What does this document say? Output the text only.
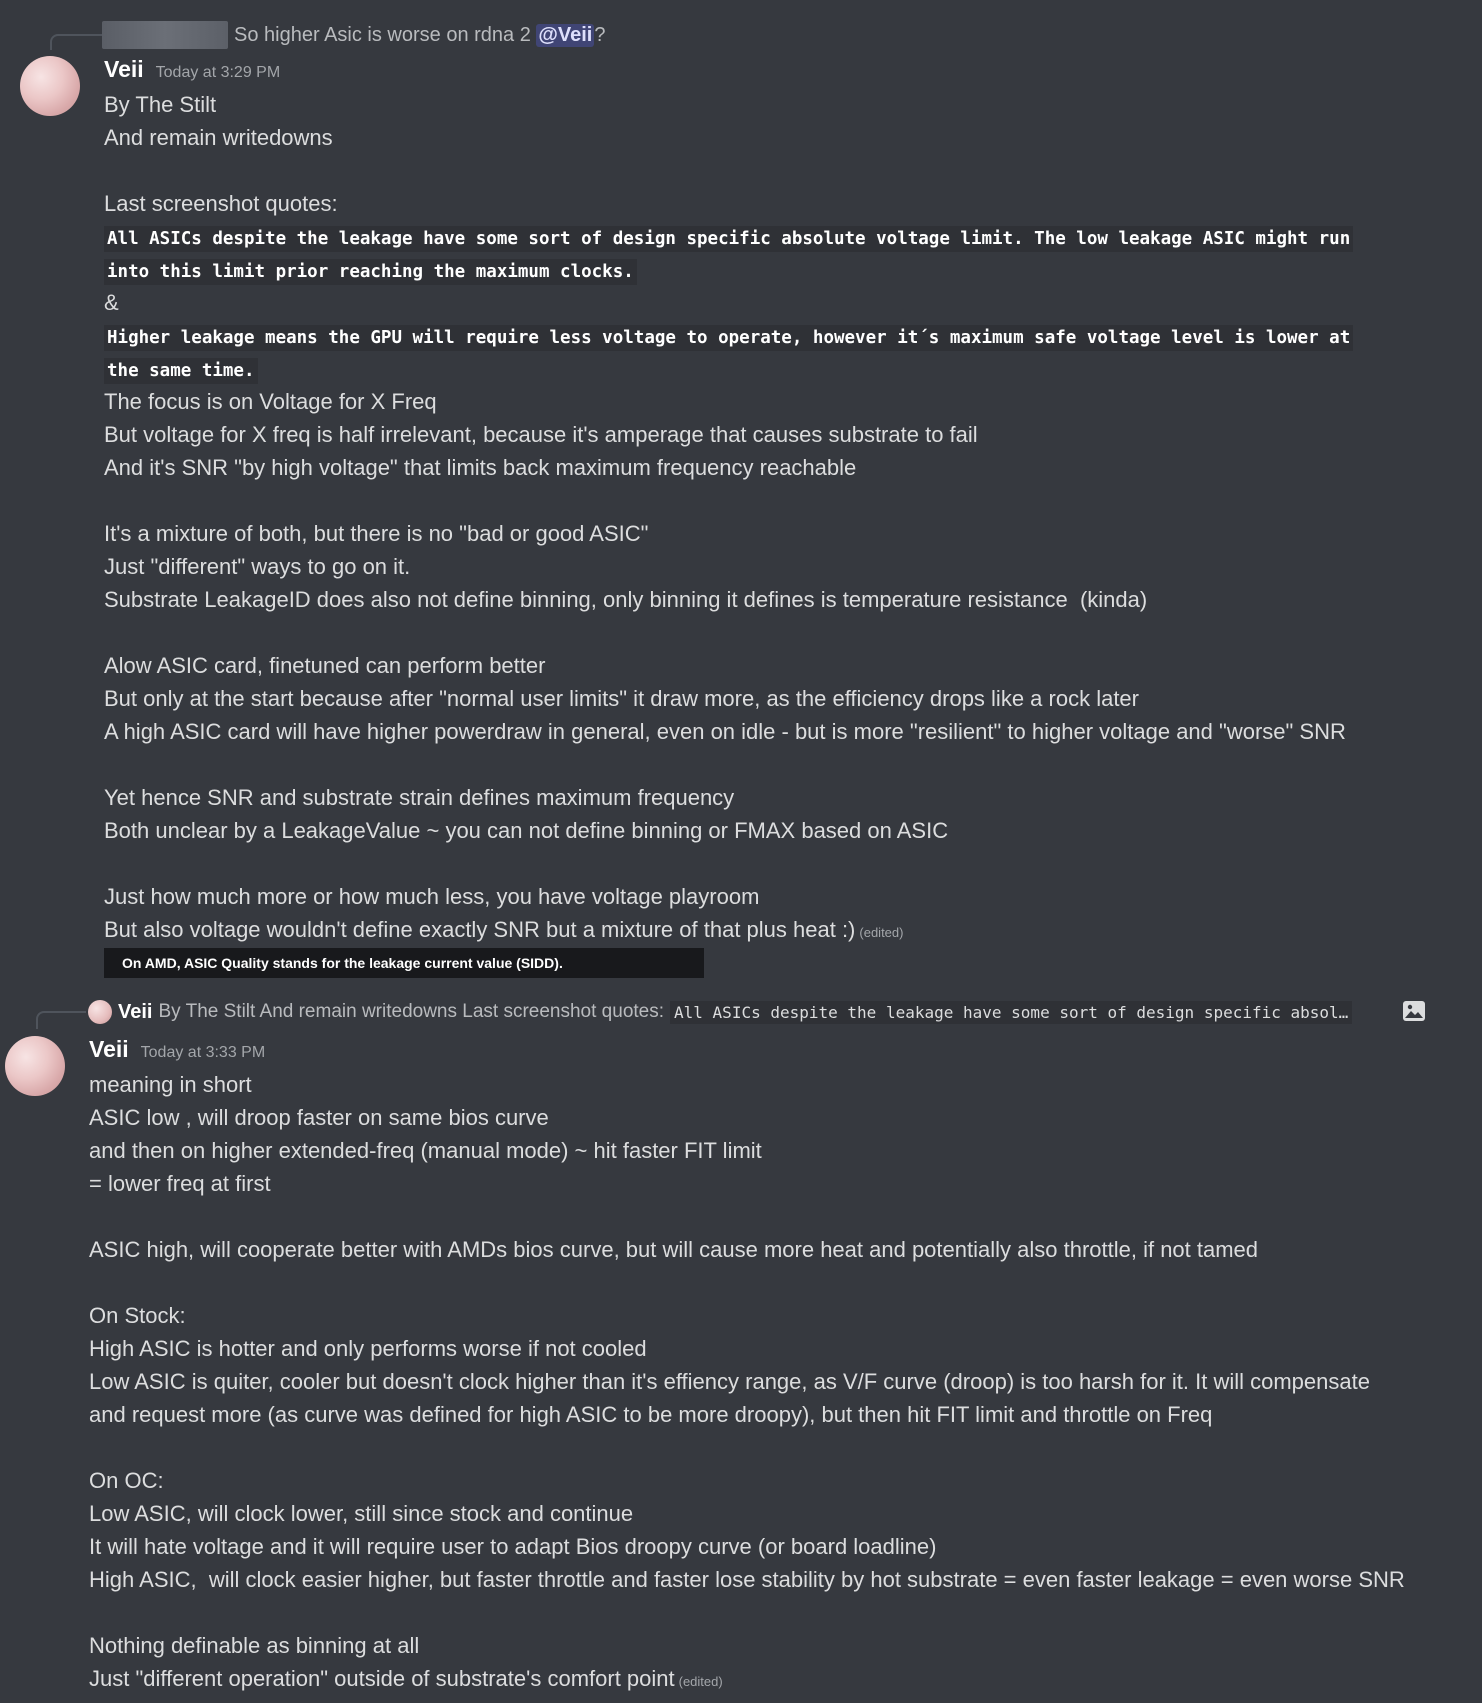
So higher Asic is worse on rdna 2
@Veii ?
Veii Today at 3:29 PM
By The Stilt
And remain writedowns
Last screenshot quotes:
All ASICs despite the leakage have some sort of design specific absolute voltage limit. The low leakage ASIC might run
into this limit prior reaching the maximum clocks.
&
Higher leakage means the GPU will require less voltage to operate, however it´s maximum safe voltage level is lower at
the same time.
The focus is on Voltage for X Freq
But voltage for X freq is half irrelevant, because it's amperage that causes substrate to fail
And it's SNR "by high voltage" that limits back maximum frequency reachable
It's a mixture of both, but there is no "bad or good ASIC"
Just "different" ways to go on it.
Substrate LeakageID does also not define binning, only binning it defines is temperature resistance  (kinda)
Alow ASIC card, finetuned can perform better
But only at the start because after "normal user limits" it draw more, as the efficiency drops like a rock later
A high ASIC card will have higher powerdraw in general, even on idle - but is more "resilient" to higher voltage and "worse" SNR
Yet hence SNR and substrate strain defines maximum frequency
Both unclear by a LeakageValue ~ you can not define binning or FMAX based on ASIC
Just how much more or how much less, you have voltage playroom
But also voltage wouldn't define exactly SNR but a mixture of that plus heat :) (edited)
On AMD, ASIC Quality stands for the leakage current value (SIDD).
Veii By The Stilt And remain writedowns Last screenshot quotes: All ASICs despite the leakage have some sort of design specific absol…
Veii Today at 3:33 PM
meaning in short
ASIC low , will droop faster on same bios curve
and then on higher extended-freq (manual mode) ~ hit faster FIT limit
= lower freq at first
ASIC high, will cooperate better with AMDs bios curve, but will cause more heat and potentially also throttle, if not tamed
On Stock:
High ASIC is hotter and only performs worse if not cooled
Low ASIC is quiter, cooler but doesn't clock higher than it's effiency range, as V/F curve (droop) is too harsh for it. It will compensate
and request more (as curve was defined for high ASIC to be more droopy), but then hit FIT limit and throttle on Freq
On OC:
Low ASIC, will clock lower, still since stock and continue
It will hate voltage and it will require user to adapt Bios droopy curve (or board loadline)
High ASIC,  will clock easier higher, but faster throttle and faster lose stability by hot substrate = even faster leakage = even worse SNR
Nothing definable as binning at all
Just "different operation" outside of substrate's comfort point (edited)
